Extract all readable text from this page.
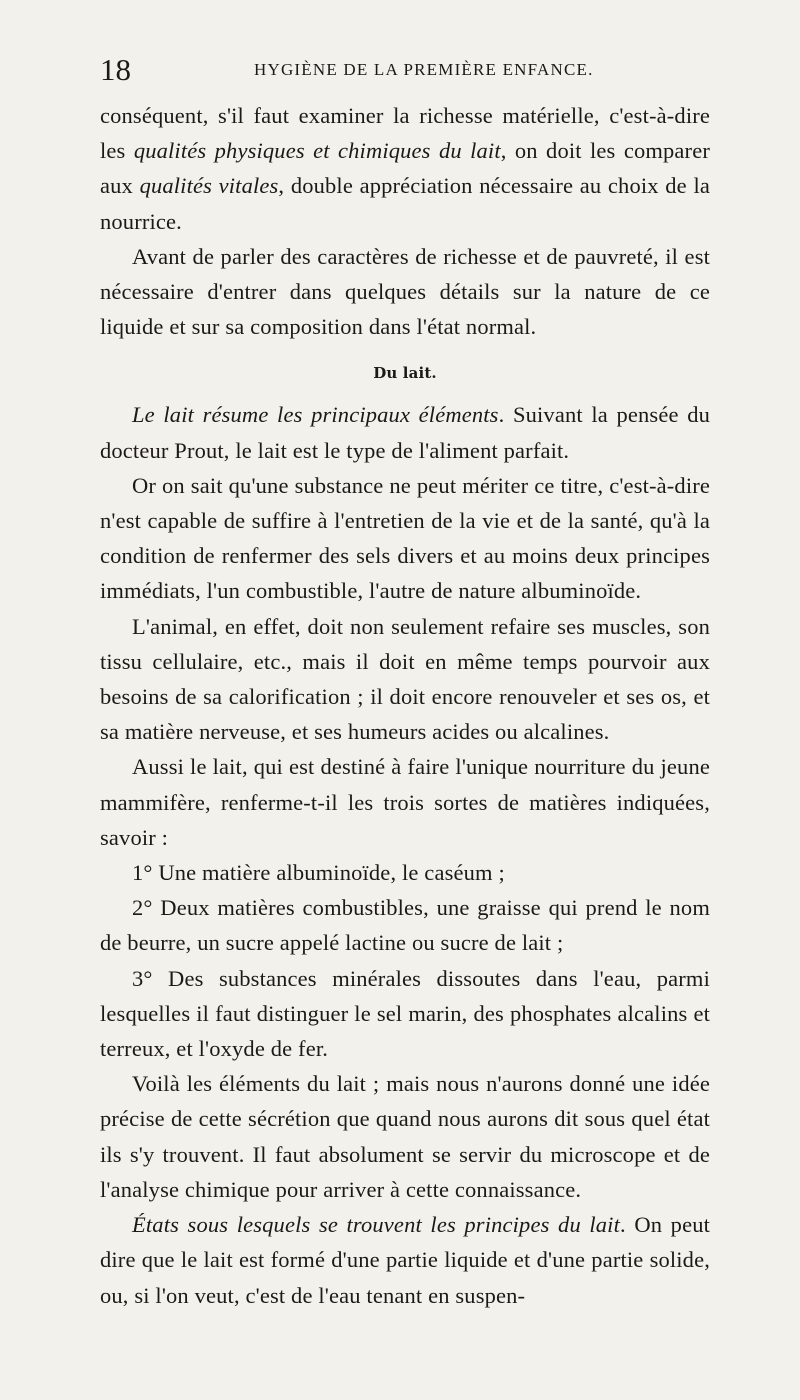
18	HYGIÈNE DE LA PREMIÈRE ENFANCE.

conséquent, s'il faut examiner la richesse matérielle, c'est-à-dire les qualités physiques et chimiques du lait, on doit les comparer aux qualités vitales, double appréciation nécessaire au choix de la nourrice.

Avant de parler des caractères de richesse et de pauvreté, il est nécessaire d'entrer dans quelques détails sur la nature de ce liquide et sur sa composition dans l'état normal.

Du lait.

Le lait résume les principaux éléments. Suivant la pensée du docteur Prout, le lait est le type de l'aliment parfait.

Or on sait qu'une substance ne peut mériter ce titre, c'est-à-dire n'est capable de suffire à l'entretien de la vie et de la santé, qu'à la condition de renfermer des sels divers et au moins deux principes immédiats, l'un combustible, l'autre de nature albuminoïde.

L'animal, en effet, doit non seulement refaire ses muscles, son tissu cellulaire, etc., mais il doit en même temps pourvoir aux besoins de sa calorification ; il doit encore renouveler et ses os, et sa matière nerveuse, et ses humeurs acides ou alcalines.

Aussi le lait, qui est destiné à faire l'unique nourriture du jeune mammifère, renferme-t-il les trois sortes de matières indiquées, savoir :

1° Une matière albuminoïde, le caséum ;

2° Deux matières combustibles, une graisse qui prend le nom de beurre, un sucre appelé lactine ou sucre de lait ;

3° Des substances minérales dissoutes dans l'eau, parmi lesquelles il faut distinguer le sel marin, des phosphates alcalins et terreux, et l'oxyde de fer.

Voilà les éléments du lait ; mais nous n'aurons donné une idée précise de cette sécrétion que quand nous aurons dit sous quel état ils s'y trouvent. Il faut absolument se servir du microscope et de l'analyse chimique pour arriver à cette connaissance.

États sous lesquels se trouvent les principes du lait. On peut dire que le lait est formé d'une partie liquide et d'une partie solide, ou, si l'on veut, c'est de l'eau tenant en suspen-
